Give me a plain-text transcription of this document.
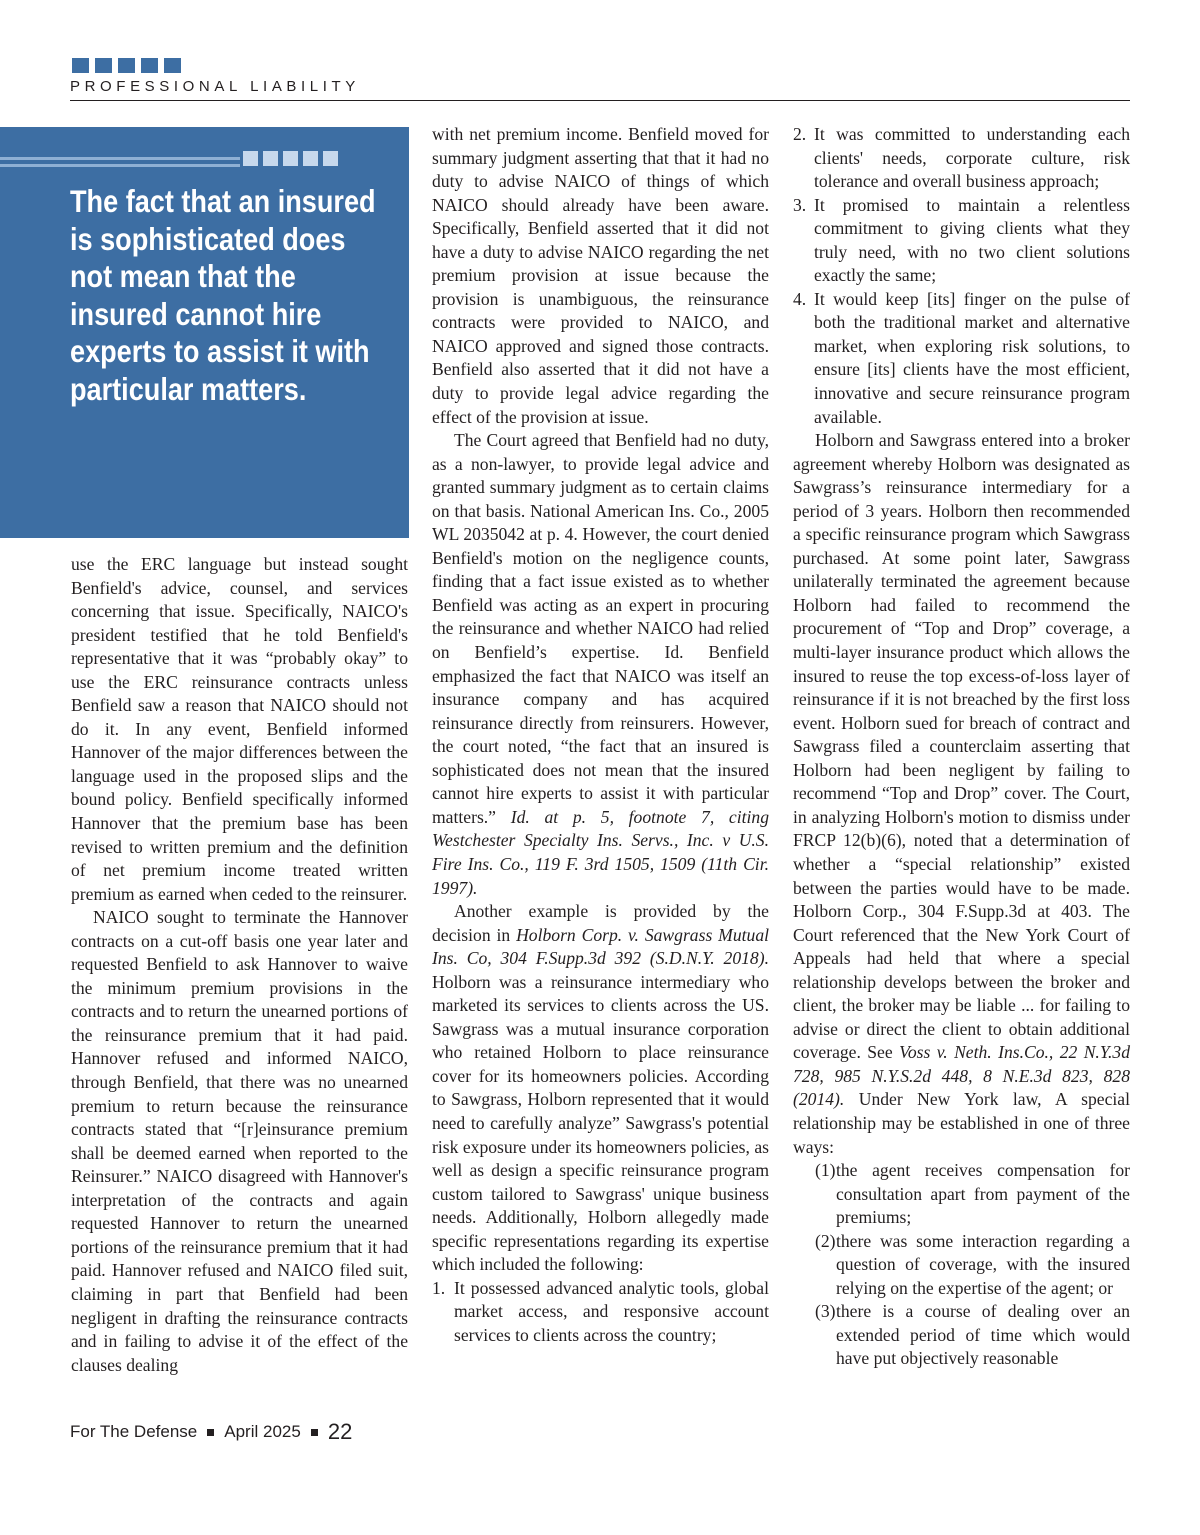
PROFESSIONAL LIABILITY

The fact that an insured is sophisticated does not mean that the insured cannot hire experts to assist it with particular matters.

use the ERC language but instead sought Benfield's advice, counsel, and services concerning that issue. Specifically, NAICO's president testified that he told Benfield's representative that it was “probably okay” to use the ERC reinsurance contracts unless Benfield saw a reason that NAICO should not do it. In any event, Benfield informed Hannover of the major differences between the language used in the proposed slips and the bound policy. Benfield specifically informed Hannover that the premium base has been revised to written premium and the definition of net premium income treated written premium as earned when ceded to the reinsurer.

NAICO sought to terminate the Hannover contracts on a cut-off basis one year later and requested Benfield to ask Hannover to waive the minimum premium provisions in the contracts and to return the unearned portions of the reinsurance premium that it had paid. Hannover refused and informed NAICO, through Benfield, that there was no unearned premium to return because the reinsurance contracts stated that “[r]einsurance premium shall be deemed earned when reported to the Reinsurer.” NAICO disagreed with Hannover's interpretation of the contracts and again requested Hannover to return the unearned portions of the reinsurance premium that it had paid. Hannover refused and NAICO filed suit, claiming in part that Benfield had been negligent in drafting the reinsurance contracts and in failing to advise it of the effect of the clauses dealing

with net premium income. Benfield moved for summary judgment asserting that that it had no duty to advise NAICO of things of which NAICO should already have been aware. Specifically, Benfield asserted that it did not have a duty to advise NAICO regarding the net premium provision at issue because the provision is unambiguous, the reinsurance contracts were provided to NAICO, and NAICO approved and signed those contracts. Benfield also asserted that it did not have a duty to provide legal advice regarding the effect of the provision at issue.

The Court agreed that Benfield had no duty, as a non-lawyer, to provide legal advice and granted summary judgment as to certain claims on that basis. National American Ins. Co., 2005 WL 2035042 at p. 4. However, the court denied Benfield's motion on the negligence counts, finding that a fact issue existed as to whether Benfield was acting as an expert in procuring the reinsurance and whether NAICO had relied on Benfield’s expertise. Id. Benfield emphasized the fact that NAICO was itself an insurance company and has acquired reinsurance directly from reinsurers. However, the court noted, “the fact that an insured is sophisticated does not mean that the insured cannot hire experts to assist it with particular matters.” Id. at p. 5, footnote 7, citing Westchester Specialty Ins. Servs., Inc. v U.S. Fire Ins. Co., 119 F. 3rd 1505, 1509 (11th Cir. 1997).

Another example is provided by the decision in Holborn Corp. v. Sawgrass Mutual Ins. Co, 304 F.Supp.3d 392 (S.D.N.Y. 2018). Holborn was a reinsurance intermediary who marketed its services to clients across the US. Sawgrass was a mutual insurance corporation who retained Holborn to place reinsurance cover for its homeowners policies. According to Sawgrass, Holborn represented that it would need to carefully analyze” Sawgrass's potential risk exposure under its homeowners policies, as well as design a specific reinsurance program custom tailored to Sawgrass' unique business needs. Additionally, Holborn allegedly made specific representations regarding its expertise which included the following:

1. It possessed advanced analytic tools, global market access, and responsive account services to clients across the country;
2. It was committed to understanding each clients' needs, corporate culture, risk tolerance and overall business approach;
3. It promised to maintain a relentless commitment to giving clients what they truly need, with no two client solutions exactly the same;
4. It would keep [its] finger on the pulse of both the traditional market and alternative market, when exploring risk solutions, to ensure [its] clients have the most efficient, innovative and secure reinsurance program available.

Holborn and Sawgrass entered into a broker agreement whereby Holborn was designated as Sawgrass’s reinsurance intermediary for a period of 3 years. Holborn then recommended a specific reinsurance program which Sawgrass purchased. At some point later, Sawgrass unilaterally terminated the agreement because Holborn had failed to recommend the procurement of “Top and Drop” coverage, a multi-layer insurance product which allows the insured to reuse the top excess-of-loss layer of reinsurance if it is not breached by the first loss event. Holborn sued for breach of contract and Sawgrass filed a counterclaim asserting that Holborn had been negligent by failing to recommend “Top and Drop” cover. The Court, in analyzing Holborn's motion to dismiss under FRCP 12(b)(6), noted that a determination of whether a “special relationship” existed between the parties would have to be made. Holborn Corp., 304 F.Supp.3d at 403. The Court referenced that the New York Court of Appeals had held that where a special relationship develops between the broker and client, the broker may be liable ... for failing to advise or direct the client to obtain additional coverage. See Voss v. Neth. Ins.Co., 22 N.Y.3d 728, 985 N.Y.S.2d 448, 8 N.E.3d 823, 828 (2014). Under New York law, A special relationship may be established in one of three ways:

(1) the agent receives compensation for consultation apart from payment of the premiums;
(2) there was some interaction regarding a question of coverage, with the insured relying on the expertise of the agent; or
(3) there is a course of dealing over an extended period of time which would have put objectively reasonable
For The Defense April 2025 22
